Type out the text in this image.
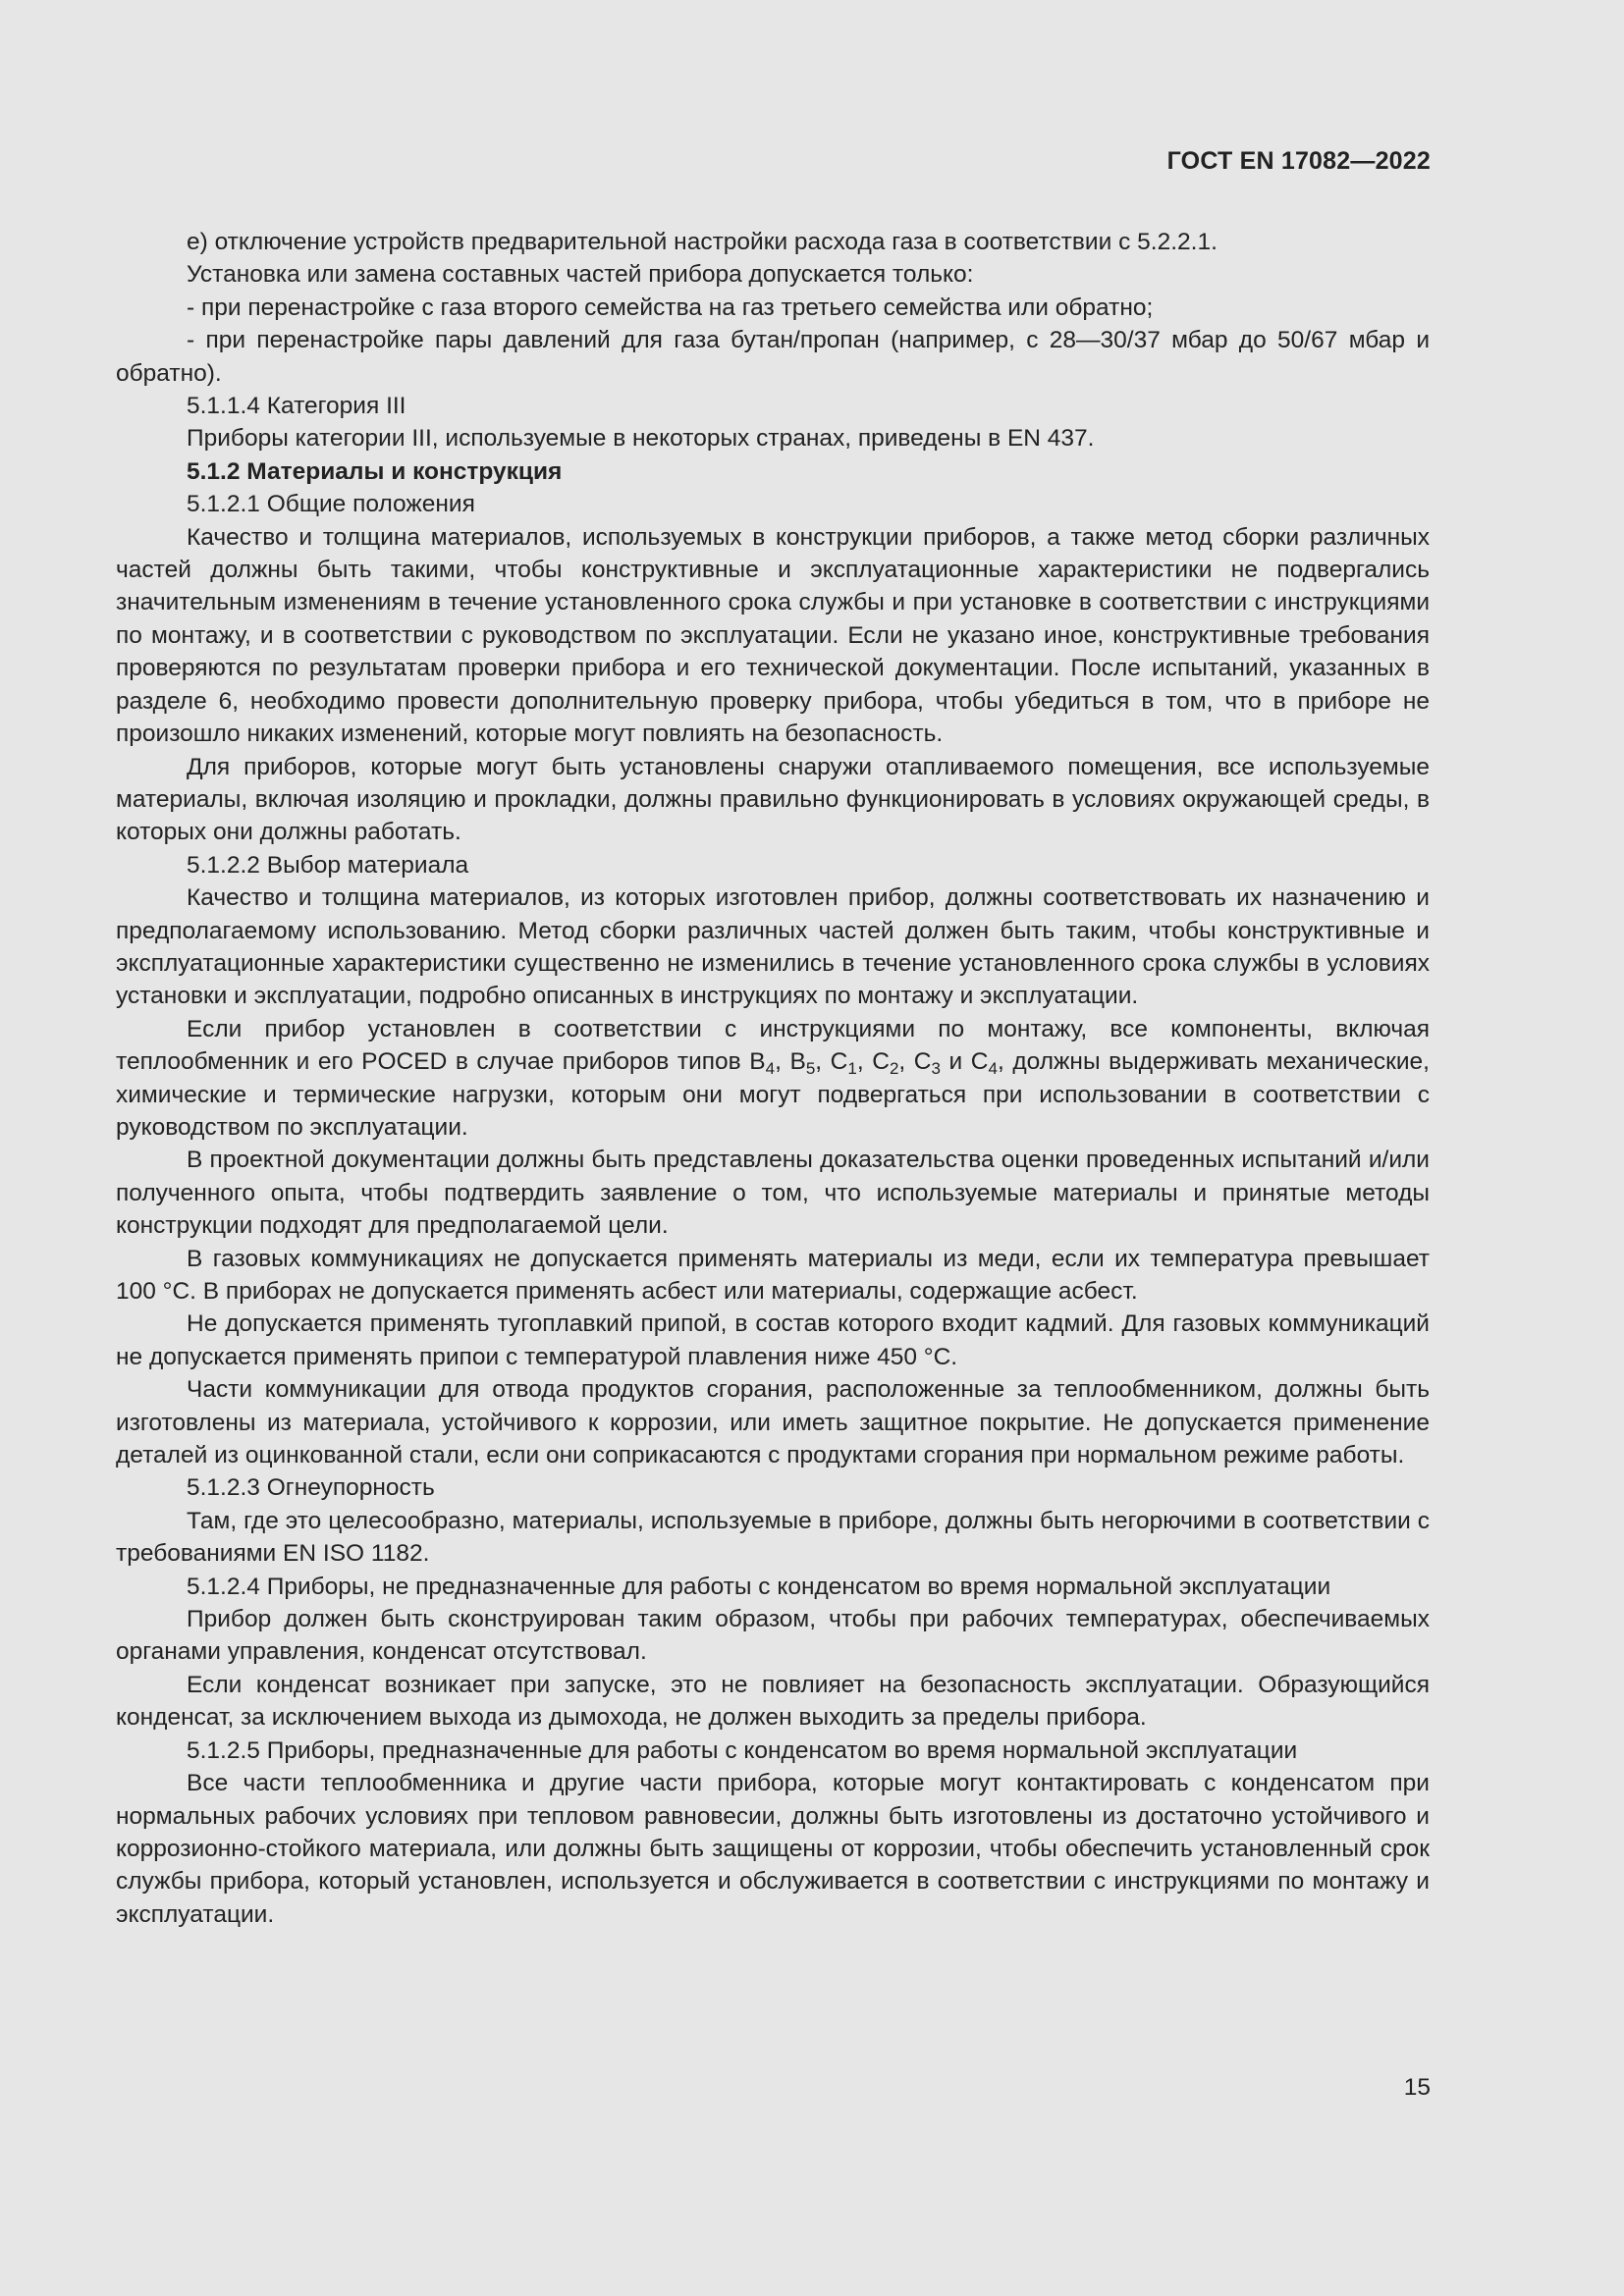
ГОСТ EN 17082—2022

е) отключение устройств предварительной настройки расхода газа в соответствии с 5.2.2.1.

Установка или замена составных частей прибора допускается только:

- при перенастройке с газа второго семейства на газ третьего семейства или обратно;

- при перенастройке пары давлений для газа бутан/пропан (например, с 28—30/37 мбар до 50/67 мбар и обратно).

5.1.1.4 Категория III

Приборы категории III, используемые в некоторых странах, приведены в EN 437.

5.1.2 Материалы и конструкция

5.1.2.1 Общие положения

Качество и толщина материалов, используемых в конструкции приборов, а также метод сборки различных частей должны быть такими, чтобы конструктивные и эксплуатационные характеристики не подвергались значительным изменениям в течение установленного срока службы и при установке в соответствии с инструкциями по монтажу, и в соответствии с руководством по эксплуатации. Если не указано иное, конструктивные требования проверяются по результатам проверки прибора и его технической документации. После испытаний, указанных в разделе 6, необходимо провести дополнительную проверку прибора, чтобы убедиться в том, что в приборе не произошло никаких изменений, которые могут повлиять на безопасность.

Для приборов, которые могут быть установлены снаружи отапливаемого помещения, все используемые материалы, включая изоляцию и прокладки, должны правильно функционировать в условиях окружающей среды, в которых они должны работать.

5.1.2.2 Выбор материала

Качество и толщина материалов, из которых изготовлен прибор, должны соответствовать их назначению и предполагаемому использованию. Метод сборки различных частей должен быть таким, чтобы конструктивные и эксплуатационные характеристики существенно не изменились в течение установленного срока службы в условиях установки и эксплуатации, подробно описанных в инструкциях по монтажу и эксплуатации.

Если прибор установлен в соответствии с инструкциями по монтажу, все компоненты, включая теплообменник и его POCED в случае приборов типов $B_4$, $B_5$, $C_1$, $C_2$, $C_3$ и $C_4$, должны выдерживать механические, химические и термические нагрузки, которым они могут подвергаться при использовании в соответствии с руководством по эксплуатации.

В проектной документации должны быть представлены доказательства оценки проведенных испытаний и/или полученного опыта, чтобы подтвердить заявление о том, что используемые материалы и принятые методы конструкции подходят для предполагаемой цели.

В газовых коммуникациях не допускается применять материалы из меди, если их температура превышает 100 °С. В приборах не допускается применять асбест или материалы, содержащие асбест.

Не допускается применять тугоплавкий припой, в состав которого входит кадмий. Для газовых коммуникаций не допускается применять припои с температурой плавления ниже 450 °С.

Части коммуникации для отвода продуктов сгорания, расположенные за теплообменником, должны быть изготовлены из материала, устойчивого к коррозии, или иметь защитное покрытие. Не допускается применение деталей из оцинкованной стали, если они соприкасаются с продуктами сгорания при нормальном режиме работы.

5.1.2.3 Огнеупорность

Там, где это целесообразно, материалы, используемые в приборе, должны быть негорючими в соответствии с требованиями EN ISO 1182.

5.1.2.4 Приборы, не предназначенные для работы с конденсатом во время нормальной эксплуатации

Прибор должен быть сконструирован таким образом, чтобы при рабочих температурах, обеспечиваемых органами управления, конденсат отсутствовал.

Если конденсат возникает при запуске, это не повлияет на безопасность эксплуатации. Образующийся конденсат, за исключением выхода из дымохода, не должен выходить за пределы прибора.

5.1.2.5 Приборы, предназначенные для работы с конденсатом во время нормальной эксплуатации

Все части теплообменника и другие части прибора, которые могут контактировать с конденсатом при нормальных рабочих условиях при тепловом равновесии, должны быть изготовлены из достаточно устойчивого и коррозионно-стойкого материала, или должны быть защищены от коррозии, чтобы обеспечить установленный срок службы прибора, который установлен, используется и обслуживается в соответствии с инструкциями по монтажу и эксплуатации.

15
